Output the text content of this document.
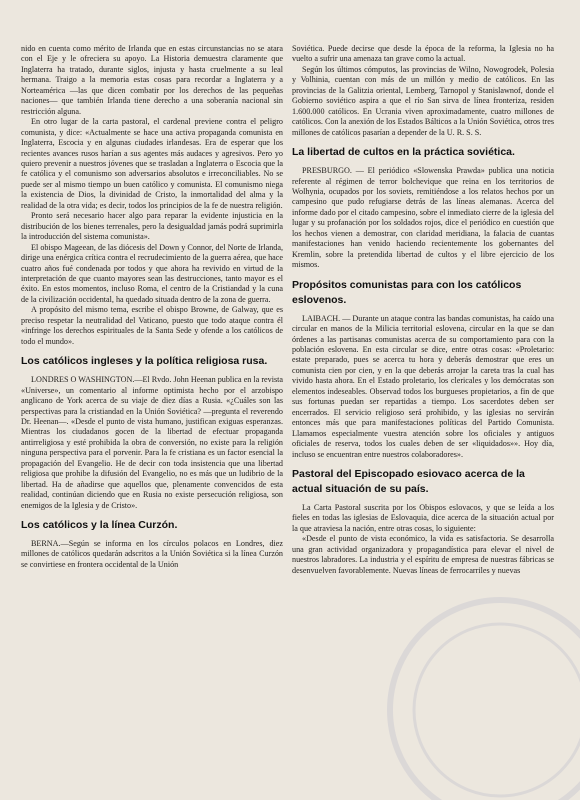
nido en cuenta como mérito de Irlanda que en estas circunstancias no se atara con el Eje y le ofreciera su apoyo. La Historia demuestra claramente que Inglaterra ha tratado, durante siglos, injusta y hasta cruelmente a su leal hermana. Traigo a la memoria estas cosas para recordar a Inglaterra y a Norteamérica —las que dicen combatir por los derechos de las pequeñas naciones— que también Irlanda tiene derecho a una soberanía nacional sin restricción alguna.

En otro lugar de la carta pastoral, el cardenal previene contra el peligro comunista, y dice: «Actualmente se hace una activa propaganda comunista en Inglaterra, Escocia y en algunas ciudades irlandesas. Era de esperar que los recientes avances rusos harían a sus agentes más audaces y agresivos. Pero yo quiero prevenir a nuestros jóvenes que se trasladan a Inglaterra o Escocia que la fe católica y el comunismo son adversarios absolutos e irreconciliables. No se puede ser al mismo tiempo un buen católico y comunista. El comunismo niega la existencia de Dios, la divinidad de Cristo, la inmortalidad del alma y la realidad de la otra vida; es decir, todos los principios de la fe de nuestra religión.

Pronto será necesario hacer algo para reparar la evidente injusticia en la distribución de los bienes terrenales, pero la desigualdad jamás podrá suprimirla la introducción del sistema comunista».

El obispo Mageean, de las diócesis del Down y Connor, del Norte de Irlanda, dirige una enérgica crítica contra el recrudecimiento de la guerra aérea, que hace cuatro años fué condenada por todos y que ahora ha revivido en virtud de la interpretación de que cuanto mayores sean las destrucciones, tanto mayor es el éxito. En estos momentos, incluso Roma, el centro de la Cristiandad y la cuna de la civilización occidental, ha quedado situada dentro de la zona de guerra.

A propósito del mismo tema, escribe el obispo Browne, de Galway, que es preciso respetar la neutralidad del Vaticano, puesto que todo ataque contra él «infringe los derechos espirituales de la Santa Sede y ofende a los católicos de todo el mundo».

Los católicos ingleses y la política religiosa rusa.

LONDRES O WASHINGTON.—El Rvdo. John Heenan publica en la revista «Universe», un comentario al informe optimista hecho por el arzobispo anglicano de York acerca de su viaje de diez días a Rusia. «¿Cuáles son las perspectivas para la cristiandad en la Unión Soviética? —pregunta el reverendo Dr. Heenan—. «Desde el punto de vista humano, justifican exiguas esperanzas. Mientras los ciudadanos gocen de la libertad de efectuar propaganda antirreligiosa y esté prohibida la obra de conversión, no existe para la religión ninguna perspectiva para el porvenir. Para la fe cristiana es un factor esencial la propagación del Evangelio. He de decir con toda insistencia que una libertad religiosa que prohibe la difusión del Evangelio, no es más que un ludibrio de la libertad. Ha de añadirse que aquellos que, plenamente convencidos de esta realidad, continúan diciendo que en Rusia no existe persecución religiosa, son enemigos de la Iglesia y de Cristo».

Los católicos y la línea Curzón.

BERNA.—Según se informa en los círculos polacos en Londres, diez millones de católicos quedarán adscritos a la Unión Soviética si la línea Curzón se convirtiese en frontera occidental de la Unión

Soviética. Puede decirse que desde la época de la reforma, la Iglesia no ha vuelto a sufrir una amenaza tan grave como la actual.

Según los últimos cómputos, las provincias de Wilno, Nowogrodek, Polesia y Volhinia, cuentan con más de un millón y medio de católicos. En las provincias de la Galitzia oriental, Lemberg, Tarnopol y Stanislawnof, donde el Gobierno soviético aspira a que el río San sirva de línea fronteriza, residen 1.600.000 católicos. En Ucrania viven aproximadamente, cuatro millones de católicos. Con la anexión de los Estados Bálticos a la Unión Soviética, otros tres millones de católicos pasarían a depender de la U. R. S. S.

La libertad de cultos en la práctica soviética.

PRESBURGO. — El periódico «Slowenska Prawda» publica una noticia referente al régimen de terror bolchevique que reina en los territorios de Wolhynia, ocupados por los soviets, remitiéndose a los relatos hechos por un campesino que pudo refugiarse detrás de las líneas alemanas. Acerca del informe dado por el citado campesino, sobre el inmediato cierre de la iglesia del lugar y su profanación por los soldados rojos, dice el periódico en cuestión que los hechos vienen a demostrar, con claridad meridiana, la falacia de cuantas manifestaciones han venido haciendo recientemente los gobernantes del Kremlin, sobre la pretendida libertad de cultos y el libre ejercicio de los mismos.

Propósitos comunistas para con los católicos eslovenos.

LAIBACH. — Durante un ataque contra las bandas comunistas, ha caído una circular en manos de la Milicia territorial eslovena, circular en la que se dan órdenes a las partisanas comunistas acerca de su comportamiento para con la población eslovena. En esta circular se dice, entre otras cosas: «Proletario: estate preparado, pues se acerca tu hora y deberás demostrar que eres un comunista cien por cien, y en la que deberás arrojar la careta tras la cual has vivido hasta ahora. En el Estado proletario, los clericales y los demócratas son elementos indeseables. Observad todos los burgueses propietarios, a fin de que sus fortunas puedan ser repartidas a tiempo. Los sacerdotes deben ser encerrados. El servicio religioso será prohibido, y las iglesias no servirán entonces más que para manifestaciones políticas del Partido Comunista. Llamamos especialmente vuestra atención sobre los oficiales y antiguos oficiales de reserva, todos los cuales deben de ser «liquidados»». Hoy día, incluso se encuentran entre nuestros colaboradores».

Pastoral del Episcopado esiovaco acerca de la actual situación de su país.

La Carta Pastoral suscrita por los Obispos eslovacos, y que se leída a los fieles en todas las iglesias de Eslovaquia, dice acerca de la situación actual por la que atraviesa la nación, entre otras cosas, lo siguiente:

«Desde el punto de vista económico, la vida es satisfactoria. Se desarrolla una gran actividad organizadora y propagandística para elevar el nivel de nuestros labradores. La industria y el espíritu de empresa de nuestras fábricas se desenvuelven favorablemente. Nuevas líneas de ferrocarriles y nuevas
